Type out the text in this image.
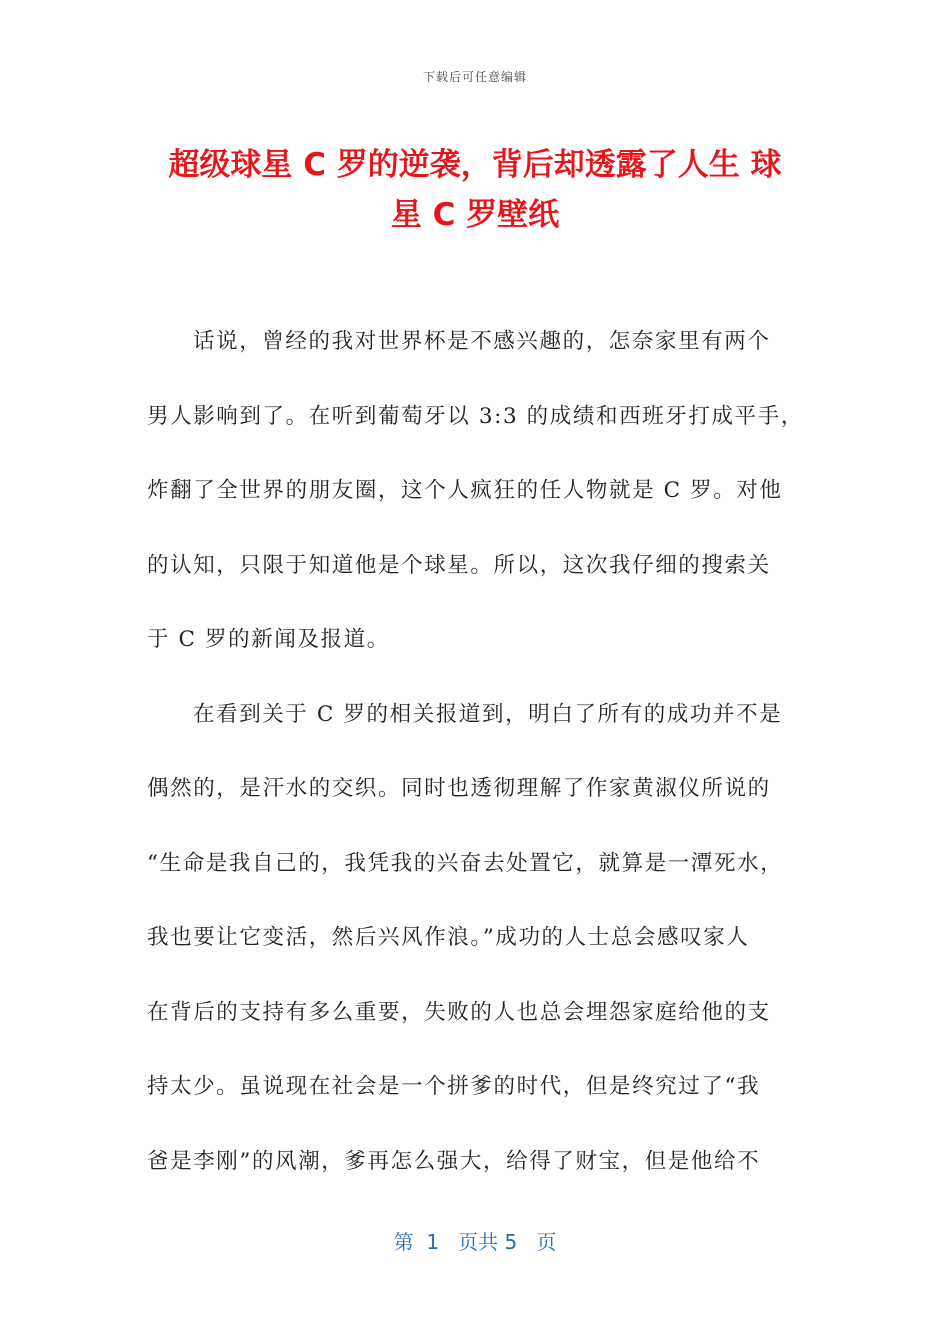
下载后可任意编辑
超级球星 C 罗的逆袭，背后却透露了人生 球
星 C 罗壁纸
话说，曾经的我对世界杯是不感兴趣的，怎奈家里有两个
男人影响到了。在听到葡萄牙以 3:3 的成绩和西班牙打成平手，
炸翻了全世界的朋友圈，这个人疯狂的任人物就是 C 罗。对他
的认知，只限于知道他是个球星。所以，这次我仔细的搜索关
于 C 罗的新闻及报道。
在看到关于 C 罗的相关报道到，明白了所有的成功并不是
偶然的，是汗水的交织。同时也透彻理解了作家黄淑仪所说的
“生命是我自己的，我凭我的兴奋去处置它，就算是一潭死水，
我也要让它变活，然后兴风作浪。”成功的人士总会感叹家人
在背后的支持有多么重要，失败的人也总会埋怨家庭给他的支
持太少。虽说现在社会是一个拼爹的时代，但是终究过了“我
爸是李刚”的风潮，爹再怎么强大，给得了财宝，但是他给不
第  1   页共 5   页
